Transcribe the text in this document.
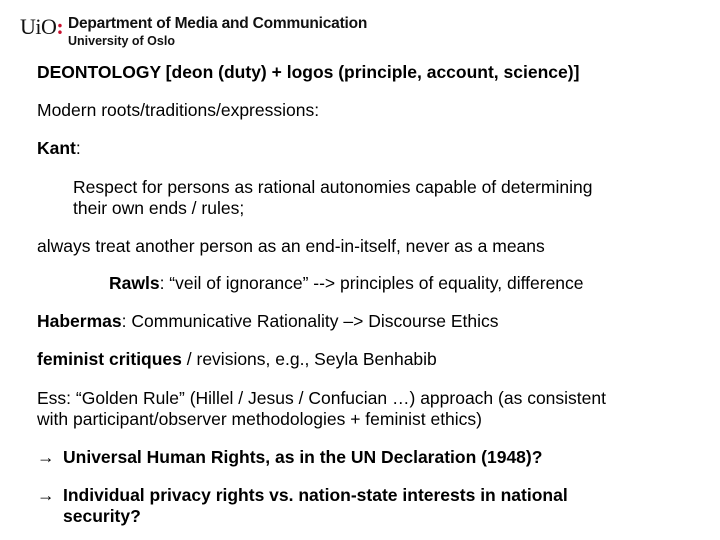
UiO: Department of Media and Communication
University of Oslo
DEONTOLOGY [deon (duty) + logos (principle, account, science)]
Modern roots/traditions/expressions:
Kant:
Respect for persons as rational autonomies capable of determining
their own ends / rules;
always treat another person as an end-in-itself, never as a means
Rawls: “veil of ignorance” --> principles of equality, difference
Habermas: Communicative Rationality –> Discourse Ethics
feminist critiques / revisions, e.g., Seyla Benhabib
Ess: “Golden Rule” (Hillel / Jesus / Confucian …) approach (as consistent
with participant/observer methodologies + feminist ethics)
→ Universal Human Rights, as in the UN Declaration (1948)?
→ Individual privacy rights vs. nation-state interests in national
security?
